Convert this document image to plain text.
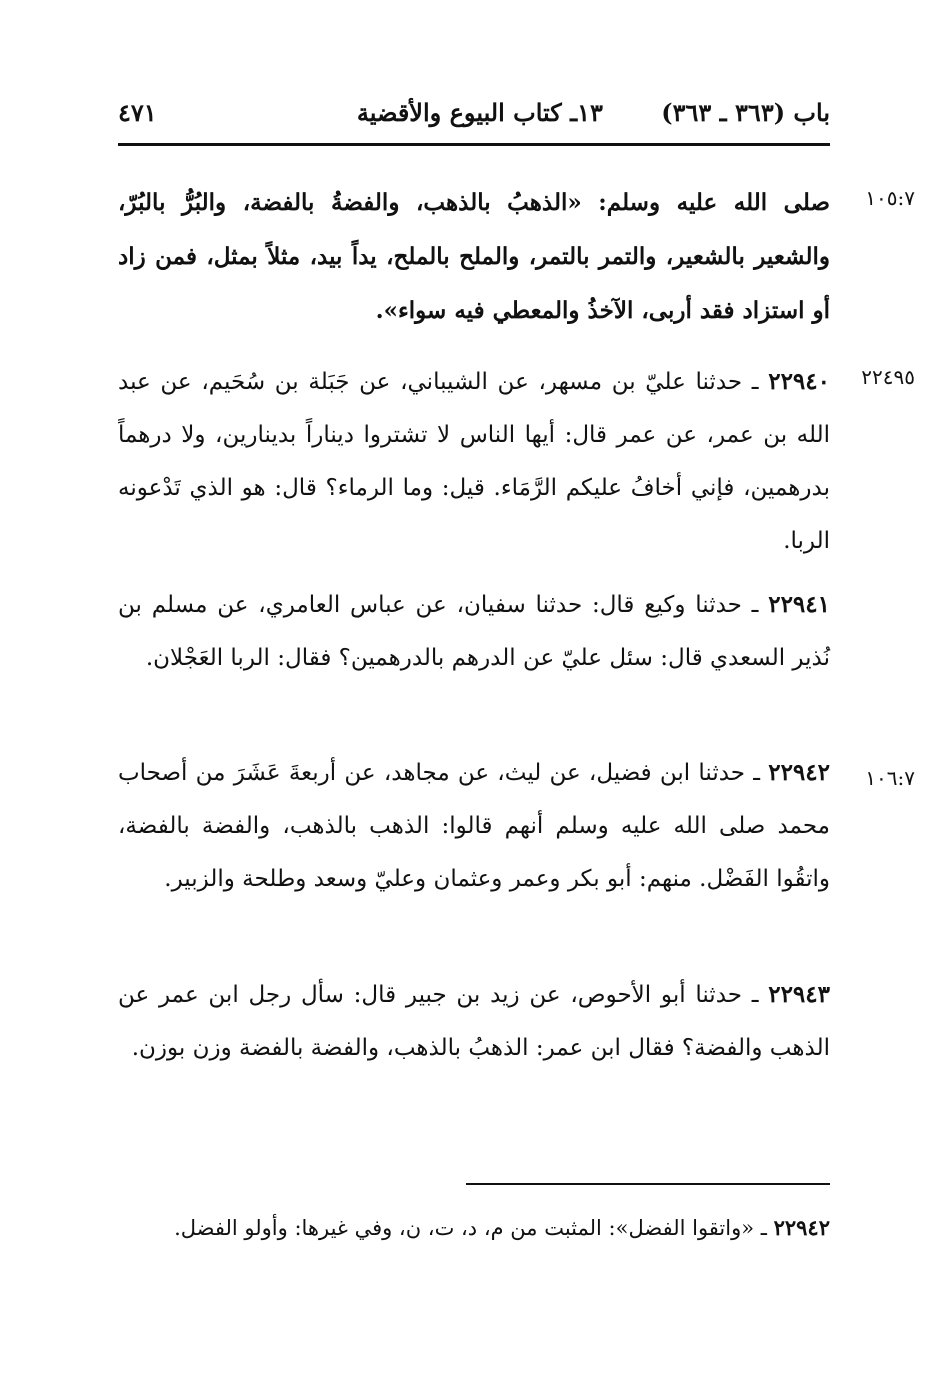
باب (٣٦٣ ـ ٣٦٣) ١٣ـ كتاب البيوع والأقضية
٤٧١
١٠٥:٧
صلى الله عليه وسلم: «الذهبُ بالذهب، والفضةُ بالفضة، والبُرُّ بالبُرّ، والشعير بالشعير، والتمر بالتمر، والملح بالملح، يداً بيد، مثلاً بمثل، فمن زاد أو استزاد فقد أربى، الآخذُ والمعطي فيه سواء».
٢٢٤٩٥
٢٢٩٤٠ ـ حدثنا عليّ بن مسهر، عن الشيباني، عن جَبَلة بن سُحَيم، عن عبد الله بن عمر، عن عمر قال: أيها الناس لا تشتروا ديناراً بدينارين، ولا درهماً بدرهمين، فإني أخافُ عليكم الرَّمَاء. قيل: وما الرماء؟ قال: هو الذي تَدْعونه الربا.
٢٢٩٤١ ـ حدثنا وكيع قال: حدثنا سفيان، عن عباس العامري، عن مسلم بن نُذير السعدي قال: سئل عليّ عن الدرهم بالدرهمين؟ فقال: الربا العَجْلان.
١٠٦:٧
٢٢٩٤٢ ـ حدثنا ابن فضيل، عن ليث، عن مجاهد، عن أربعةَ عَشَرَ من أصحاب محمد صلى الله عليه وسلم أنهم قالوا: الذهب بالذهب، والفضة بالفضة، واتقُوا الفَضْل. منهم: أبو بكر وعمر وعثمان وعليّ وسعد وطلحة والزبير.
٢٢٩٤٣ ـ حدثنا أبو الأحوص، عن زيد بن جبير قال: سأل رجل ابن عمر عن الذهب والفضة؟ فقال ابن عمر: الذهبُ بالذهب، والفضة بالفضة وزن بوزن.
٢٢٩٤٢ ـ «واتقوا الفضل»: المثبت من م، د، ت، ن، وفي غيرها: وأولو الفضل.
